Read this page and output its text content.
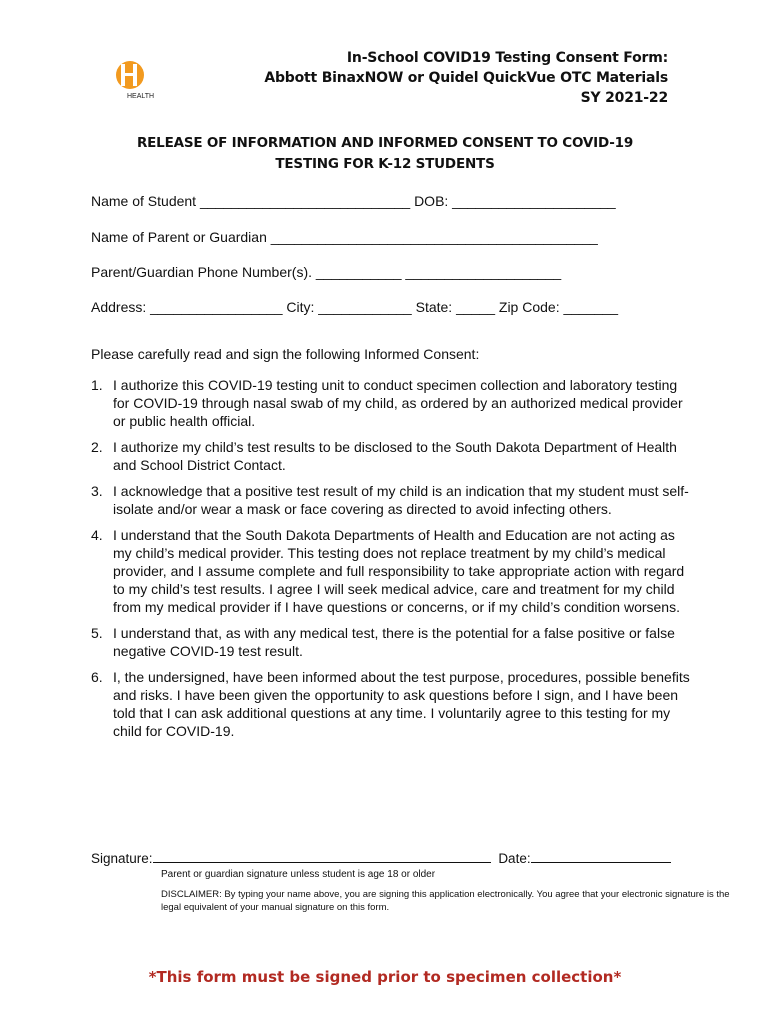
HEALTH
In-School COVID19 Testing Consent Form:
Abbott BinaxNOW or Quidel QuickVue OTC Materials
SY 2021-22
RELEASE OF INFORMATION AND INFORMED CONSENT TO COVID-19
TESTING FOR K-12 STUDENTS
Name of Student ___________________________ DOB: _____________________
Name of Parent or Guardian __________________________________________
Parent/Guardian Phone Number(s). ___________ ____________________
Address: _________________ City: ____________ State: _____ Zip Code: _______
Please carefully read and sign the following Informed Consent:
1. I authorize this COVID-19 testing unit to conduct specimen collection and laboratory testing for COVID-19 through nasal swab of my child, as ordered by an authorized medical provider or public health official.
2. I authorize my child’s test results to be disclosed to the South Dakota Department of Health and School District Contact.
3. I acknowledge that a positive test result of my child is an indication that my student must self-isolate and/or wear a mask or face covering as directed to avoid infecting others.
4. I understand that the South Dakota Departments of Health and Education are not acting as my child’s medical provider. This testing does not replace treatment by my child’s medical provider, and I assume complete and full responsibility to take appropriate action with regard to my child’s test results. I agree I will seek medical advice, care and treatment for my child from my medical provider if I have questions or concerns, or if my child’s condition worsens.
5. I understand that, as with any medical test, there is the potential for a false positive or false negative COVID-19 test result.
6. I, the undersigned, have been informed about the test purpose, procedures, possible benefits and risks. I have been given the opportunity to ask questions before I sign, and I have been told that I can ask additional questions at any time. I voluntarily agree to this testing for my child for COVID-19.
Signature:	Date:
Parent or guardian signature unless student is age 18 or older
DISCLAIMER: By typing your name above, you are signing this application electronically. You agree that your electronic signature is the legal equivalent of your manual signature on this form.
*This form must be signed prior to specimen collection*
